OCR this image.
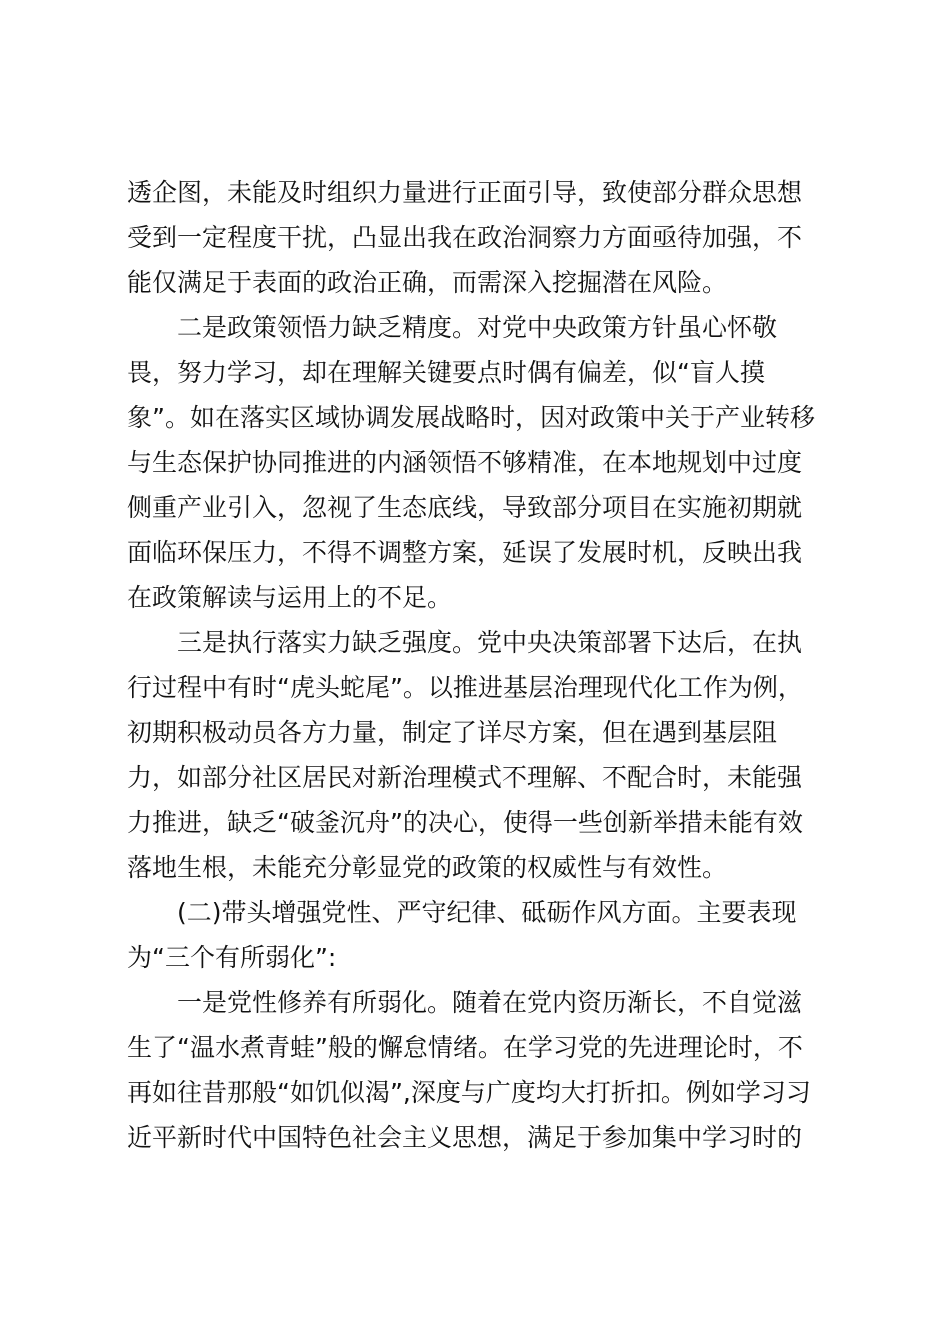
透企图，未能及时组织力量进行正面引导，致使部分群众思想
受到一定程度干扰，凸显出我在政治洞察力方面亟待加强，不
能仅满足于表面的政治正确，而需深入挖掘潜在风险。
二是政策领悟力缺乏精度。对党中央政策方针虽心怀敬
畏，努力学习，却在理解关键要点时偶有偏差，似“盲人摸
象”。如在落实区域协调发展战略时，因对政策中关于产业转移
与生态保护协同推进的内涵领悟不够精准，在本地规划中过度
侧重产业引入，忽视了生态底线，导致部分项目在实施初期就
面临环保压力，不得不调整方案，延误了发展时机，反映出我
在政策解读与运用上的不足。
三是执行落实力缺乏强度。党中央决策部署下达后，在执
行过程中有时“虎头蛇尾”。以推进基层治理现代化工作为例，
初期积极动员各方力量，制定了详尽方案，但在遇到基层阻
力，如部分社区居民对新治理模式不理解、不配合时，未能强
力推进，缺乏“破釜沉舟”的决心，使得一些创新举措未能有效
落地生根，未能充分彰显党的政策的权威性与有效性。
(二)带头增强党性、严守纪律、砥砺作风方面。主要表现
为“三个有所弱化”:
一是党性修养有所弱化。随着在党内资历渐长，不自觉滋
生了“温水煮青蛙”般的懈怠情绪。在学习党的先进理论时，不
再如往昔那般“如饥似渴”,深度与广度均大打折扣。例如学习习
近平新时代中国特色社会主义思想，满足于参加集中学习时的
